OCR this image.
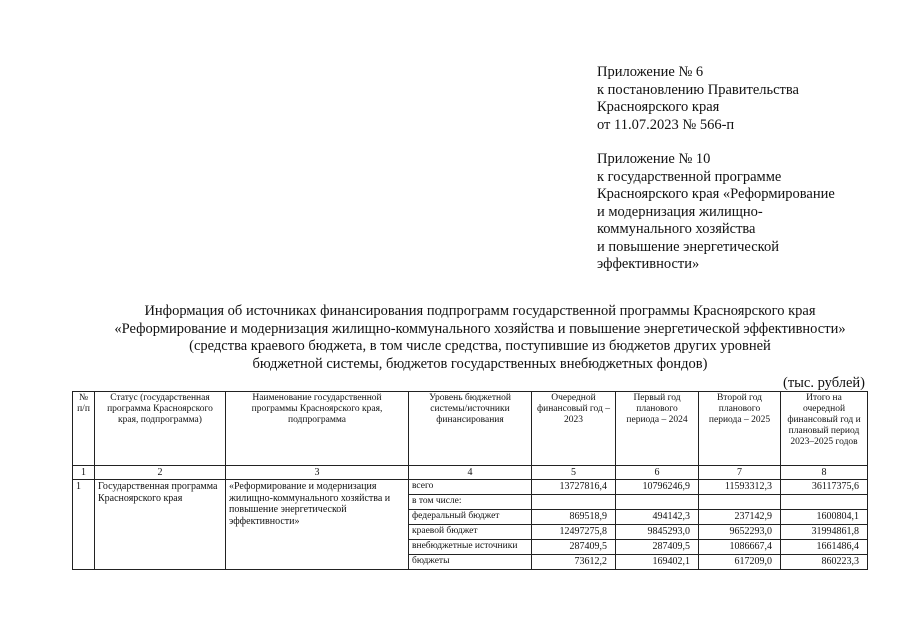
Приложение № 6
к постановлению Правительства
Красноярского края
от 11.07.2023 № 566-п
Приложение № 10
к государственной программе
Красноярского края «Реформирование
и модернизация жилищно-
коммунального хозяйства
и повышение энергетической
эффективности»
Информация об источниках финансирования подпрограмм государственной программы Красноярского края
«Реформирование и модернизация жилищно-коммунального хозяйства и повышение энергетической эффективности»
(средства краевого бюджета, в том числе средства, поступившие из бюджетов других уровней
бюджетной системы, бюджетов государственных внебюджетных фондов)
(тыс. рублей)
№ п/п	Статус (государственная программа Красноярского края, подпрограмма)	Наименование государственной программы Красноярского края, подпрограмма	Уровень бюджетной системы/источники финансирования	Очередной финансовый год – 2023	Первый год планового периода – 2024	Второй год планового периода – 2025	Итого на очередной финансовый год и плановый период 2023–2025 годов
1	2	3	4	5	6	7	8
1	Государственная программа Красноярского края	«Реформирование и модернизация жилищно-коммунального хозяйства и повышение энергетической эффективности»	всего	13727816,4	10796246,9	11593312,3	36117375,6
			в том числе:				
			федеральный бюджет	869518,9	494142,3	237142,9	1600804,1
			краевой бюджет	12497275,8	9845293,0	9652293,0	31994861,8
			внебюджетные источники	287409,5	287409,5	1086667,4	1661486,4
			бюджеты	73612,2	169402,1	617209,0	860223,3
